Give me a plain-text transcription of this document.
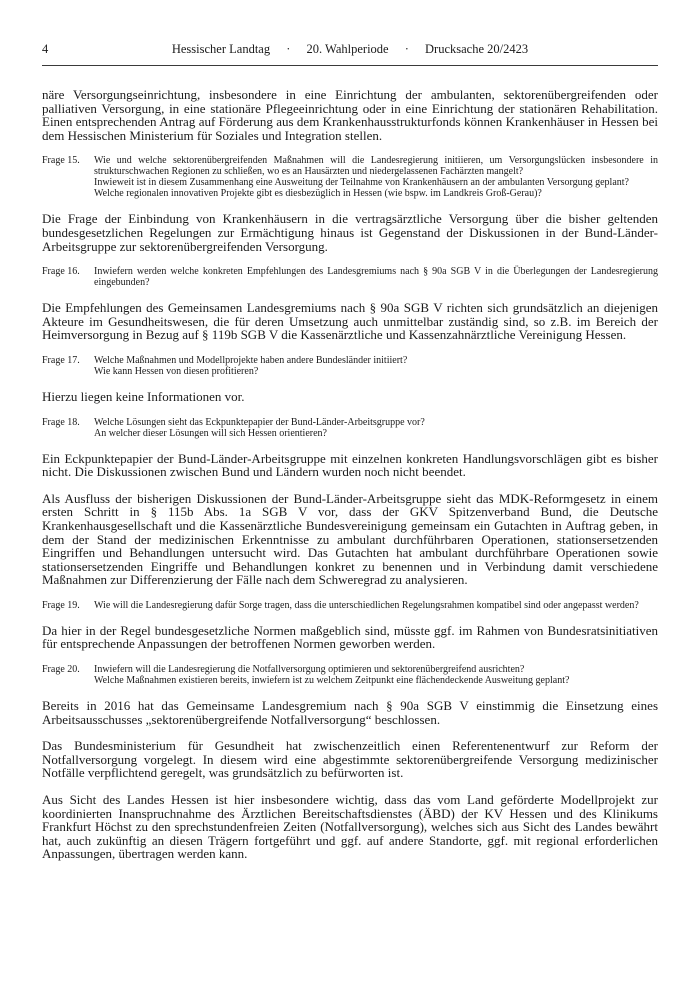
4	Hessischer Landtag · 20. Wahlperiode · Drucksache 20/2423

näre Versorgungseinrichtung, insbesondere in eine Einrichtung der ambulanten, sektorenübergreifenden oder palliativen Versorgung, in eine stationäre Pflegeeinrichtung oder in eine Einrichtung der stationären Rehabilitation. Einen entsprechenden Antrag auf Förderung aus dem Krankenhausstrukturfonds können Krankenhäuser in Hessen bei dem Hessischen Ministerium für Soziales und Integration stellen.

Frage 15.	Wie und welche sektorenübergreifenden Maßnahmen will die Landesregierung initiieren, um Versorgungslücken insbesondere in strukturschwachen Regionen zu schließen, wo es an Hausärzten und niedergelassenen Fachärzten mangelt?
Inwieweit ist in diesem Zusammenhang eine Ausweitung der Teilnahme von Krankenhäusern an der ambulanten Versorgung geplant?
Welche regionalen innovativen Projekte gibt es diesbezüglich in Hessen (wie bspw. im Landkreis Groß-Gerau)?

Die Frage der Einbindung von Krankenhäusern in die vertragsärztliche Versorgung über die bisher geltenden bundesgesetzlichen Regelungen zur Ermächtigung hinaus ist Gegenstand der Diskussionen in der Bund-Länder-Arbeitsgruppe zur sektorenübergreifenden Versorgung.

Frage 16.	Inwiefern werden welche konkreten Empfehlungen des Landesgremiums nach § 90a SGB V in die Überlegungen der Landesregierung eingebunden?

Die Empfehlungen des Gemeinsamen Landesgremiums nach § 90a SGB V richten sich grundsätzlich an diejenigen Akteure im Gesundheitswesen, die für deren Umsetzung auch unmittelbar zuständig sind, so z.B. im Bereich der Heimversorgung in Bezug auf § 119b SGB V die Kassenärztliche und Kassenzahnärztliche Vereinigung Hessen.

Frage 17.	Welche Maßnahmen und Modellprojekte haben andere Bundesländer initiiert?
Wie kann Hessen von diesen profitieren?

Hierzu liegen keine Informationen vor.

Frage 18.	Welche Lösungen sieht das Eckpunktepapier der Bund-Länder-Arbeitsgruppe vor?
An welcher dieser Lösungen will sich Hessen orientieren?

Ein Eckpunktepapier der Bund-Länder-Arbeitsgruppe mit einzelnen konkreten Handlungsvorschlägen gibt es bisher nicht. Die Diskussionen zwischen Bund und Ländern wurden noch nicht beendet.

Als Ausfluss der bisherigen Diskussionen der Bund-Länder-Arbeitsgruppe sieht das MDK-Reformgesetz in einem ersten Schritt in § 115b Abs. 1a SGB V vor, dass der GKV Spitzenverband Bund, die Deutsche Krankenhausgesellschaft und die Kassenärztliche Bundesvereinigung gemeinsam ein Gutachten in Auftrag geben, in dem der Stand der medizinischen Erkenntnisse zu ambulant durchführbaren Operationen, stationsersetzenden Eingriffen und Behandlungen untersucht wird. Das Gutachten hat ambulant durchführbare Operationen sowie stationsersetzenden Eingriffe und Behandlungen konkret zu benennen und in Verbindung damit verschiedene Maßnahmen zur Differenzierung der Fälle nach dem Schweregrad zu analysieren.

Frage 19.	Wie will die Landesregierung dafür Sorge tragen, dass die unterschiedlichen Regelungsrahmen kompatibel sind oder angepasst werden?

Da hier in der Regel bundesgesetzliche Normen maßgeblich sind, müsste ggf. im Rahmen von Bundesratsinitiativen für entsprechende Anpassungen der betroffenen Normen geworben werden.

Frage 20.	Inwiefern will die Landesregierung die Notfallversorgung optimieren und sektorenübergreifend ausrichten?
Welche Maßnahmen existieren bereits, inwiefern ist zu welchem Zeitpunkt eine flächendeckende Ausweitung geplant?

Bereits in 2016 hat das Gemeinsame Landesgremium nach § 90a SGB V einstimmig die Einsetzung eines Arbeitsausschusses „sektorenübergreifende Notfallversorgung“ beschlossen.

Das Bundesministerium für Gesundheit hat zwischenzeitlich einen Referentenentwurf zur Reform der Notfallversorgung vorgelegt. In diesem wird eine abgestimmte sektorenübergreifende Versorgung medizinischer Notfälle verpflichtend geregelt, was grundsätzlich zu befürworten ist.

Aus Sicht des Landes Hessen ist hier insbesondere wichtig, dass das vom Land geförderte Modellprojekt zur koordinierten Inanspruchnahme des Ärztlichen Bereitschaftsdienstes (ÄBD) der KV Hessen und des Klinikums Frankfurt Höchst zu den sprechstundenfreien Zeiten (Notfallversorgung), welches sich aus Sicht des Landes bewährt hat, auch zukünftig an diesen Trägern fortgeführt und ggf. auf andere Standorte, ggf. mit regional erforderlichen Anpassungen, übertragen werden kann.
